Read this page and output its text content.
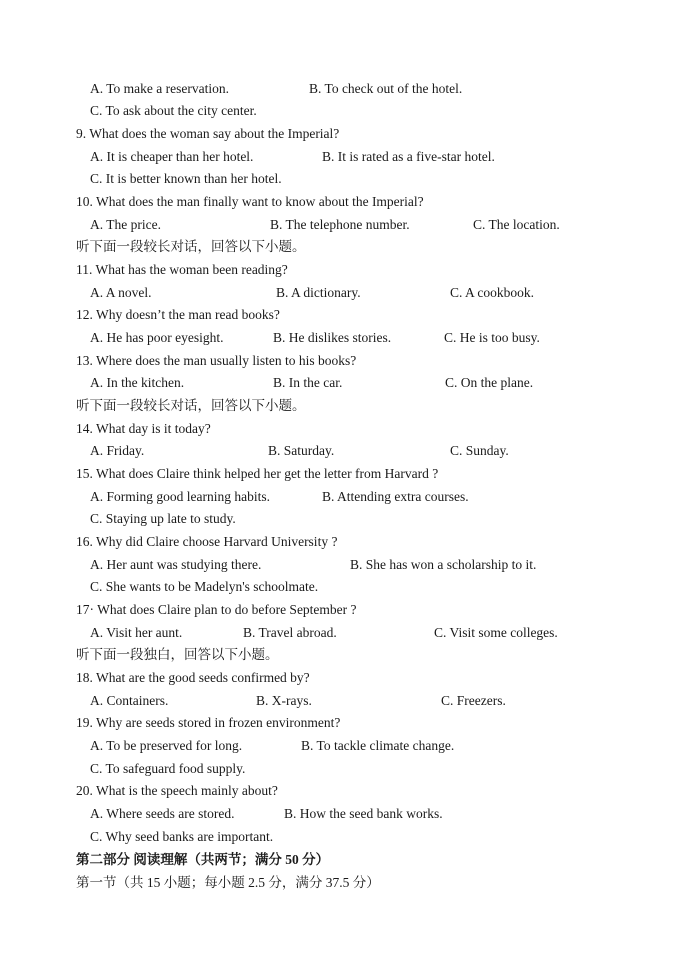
A. To make a reservation.	B. To check out of the hotel.
C. To ask about the city center.
9. What does the woman say about the Imperial?
A. It is cheaper than her hotel.	B. It is rated as a five-star hotel.
C. It is better known than her hotel.
10. What does the man finally want to know about the Imperial?
A. The price.	B. The telephone number.	C. The location.
听下面一段较长对话，回答以下小题。
11. What has the woman been reading?
A. A novel.	B. A dictionary.	C. A cookbook.
12. Why doesn’t the man read books?
A. He has poor eyesight.	B. He dislikes stories.	C. He is too busy.
13. Where does the man usually listen to his books?
A. In the kitchen.	B. In the car.	C. On the plane.
听下面一段较长对话，回答以下小题。
14. What day is it today?
A. Friday.	B. Saturday.	C. Sunday.
15. What does Claire think helped her get the letter from Harvard ?
A. Forming good learning habits.	B. Attending extra courses.
C. Staying up late to study.
16. Why did Claire choose Harvard University ?
A. Her aunt was studying there.	B. She has won a scholarship to it.
C. She wants to be Madelyn's schoolmate.
17· What does Claire plan to do before September ?
A. Visit her aunt.	B. Travel abroad.	C. Visit some colleges.
听下面一段独白，回答以下小题。
18. What are the good seeds confirmed by?
A. Containers.	B. X-rays.	C. Freezers.
19. Why are seeds stored in frozen environment?
A. To be preserved for long.	B. To tackle climate change.
C. To safeguard food supply.
20. What is the speech mainly about?
A. Where seeds are stored.	B. How the seed bank works.
C. Why seed banks are important.
第二部分 阅读理解（共两节；满分 50 分）
第一节（共 15 小题；每小题 2.5 分，满分 37.5 分）
